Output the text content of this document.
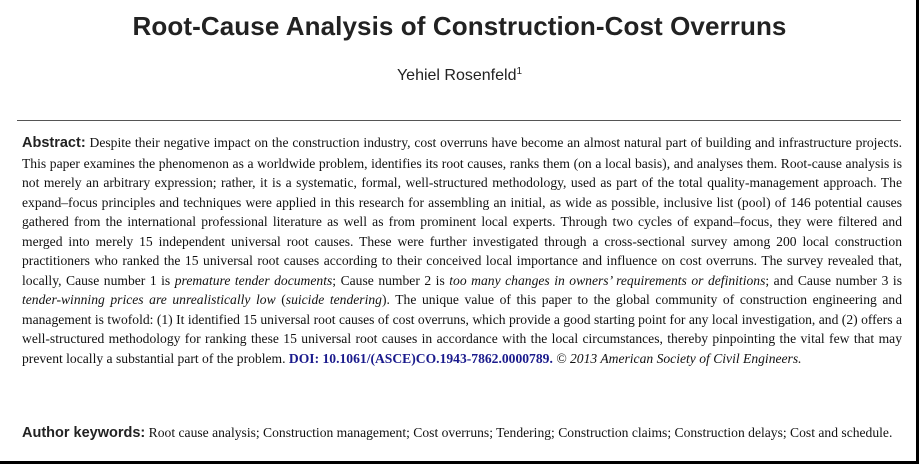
Root-Cause Analysis of Construction-Cost Overruns
Yehiel Rosenfeld$^1$
Abstract: Despite their negative impact on the construction industry, cost overruns have become an almost natural part of building and infrastructure projects. This paper examines the phenomenon as a worldwide problem, identifies its root causes, ranks them (on a local basis), and analyses them. Root-cause analysis is not merely an arbitrary expression; rather, it is a systematic, formal, well-structured methodology, used as part of the total quality-management approach. The expand–focus principles and techniques were applied in this research for assembling an initial, as wide as possible, inclusive list (pool) of 146 potential causes gathered from the international professional literature as well as from prominent local experts. Through two cycles of expand–focus, they were filtered and merged into merely 15 independent universal root causes. These were further investigated through a cross-sectional survey among 200 local construction practitioners who ranked the 15 universal root causes according to their conceived local importance and influence on cost overruns. The survey revealed that, locally, Cause number 1 is premature tender documents; Cause number 2 is too many changes in owners’ requirements or definitions; and Cause number 3 is tender-winning prices are unrealistically low (suicide tendering). The unique value of this paper to the global community of construction engineering and management is twofold: (1) It identified 15 universal root causes of cost overruns, which provide a good starting point for any local investigation, and (2) offers a well-structured methodology for ranking these 15 universal root causes in accordance with the local circumstances, thereby pinpointing the vital few that may prevent locally a substantial part of the problem. DOI: 10.1061/(ASCE)CO.1943-7862.0000789. © 2013 American Society of Civil Engineers.
Author keywords: Root cause analysis; Construction management; Cost overruns; Tendering; Construction claims; Construction delays; Cost and schedule.
